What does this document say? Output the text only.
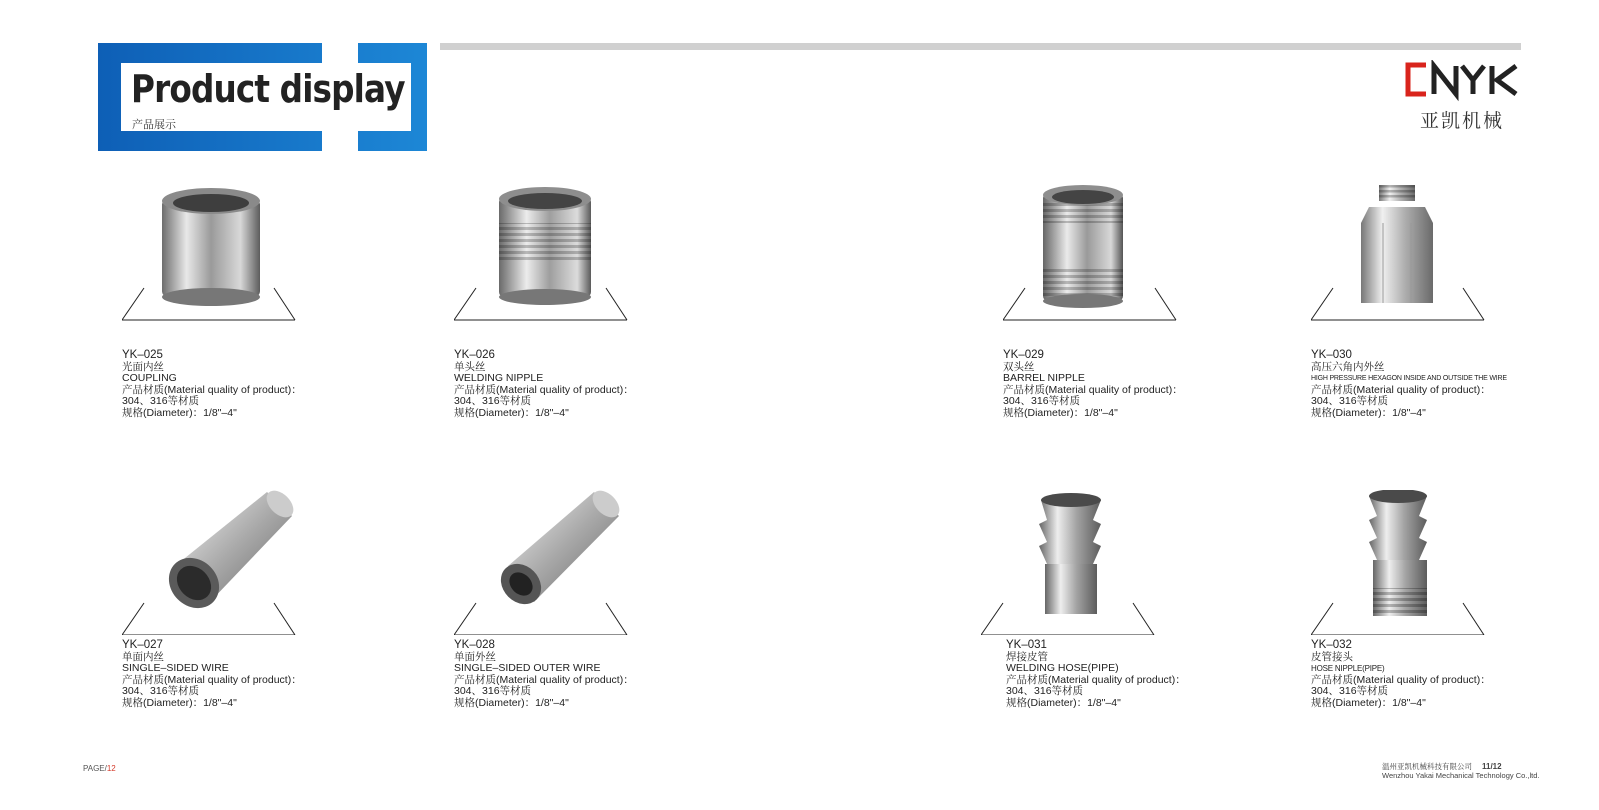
Product display
产品展示	亚凯机械
YK–025
光面内丝
COUPLING
产品材质(Material quality of product)：
304、316等材质
规格(Diameter)：1/8"–4"
YK–026
单头丝
WELDING NIPPLE
产品材质(Material quality of product)：
304、316等材质
规格(Diameter)：1/8"–4"
YK–029
双头丝
BARREL NIPPLE
产品材质(Material quality of product)：
304、316等材质
规格(Diameter)：1/8"–4"
YK–030
高压六角内外丝
HIGH PRESSURE HEXAGON INSIDE AND OUTSIDE THE WIRE
产品材质(Material quality of product)：
304、316等材质
规格(Diameter)：1/8"–4"
YK–027
单面内丝
SINGLE–SIDED WIRE
产品材质(Material quality of product)：
304、316等材质
规格(Diameter)：1/8"–4"
YK–028
单面外丝
SINGLE–SIDED OUTER WIRE
产品材质(Material quality of product)：
304、316等材质
规格(Diameter)：1/8"–4"
YK–031
焊接皮管
WELDING HOSE(PIPE)
产品材质(Material quality of product)：
304、316等材质
规格(Diameter)：1/8"–4"
YK–032
皮管接头
HOSE NIPPLE(PIPE)
产品材质(Material quality of product)：
304、316等材质
规格(Diameter)：1/8"–4"
PAGE/12	温州亚凯机械科技有限公司 11/12
Wenzhou Yakai Mechanical Technology Co.,ltd.
